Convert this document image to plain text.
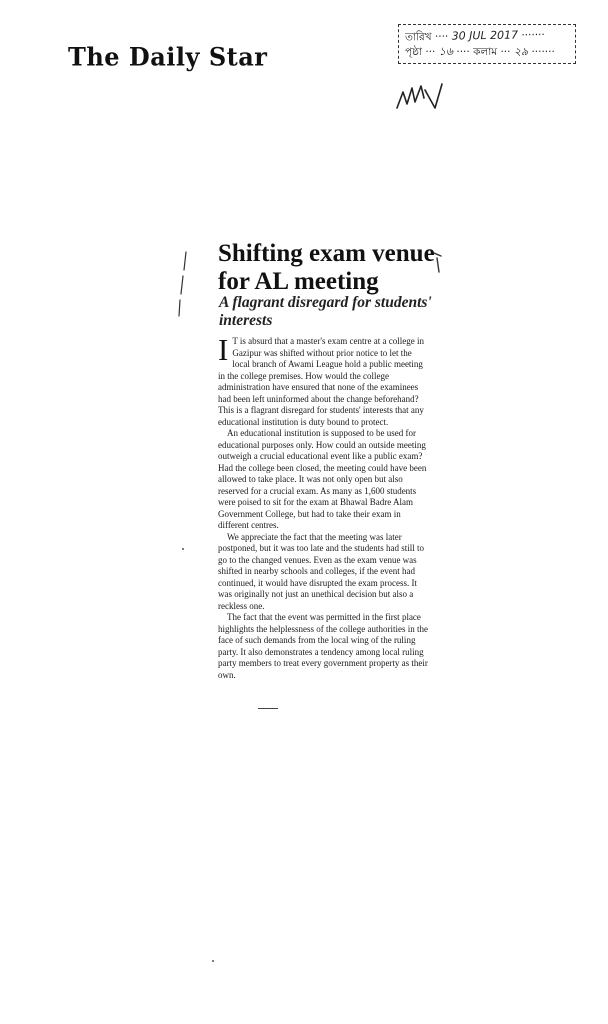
The Daily Star
তারিখ ···· 30 JUL 2017 ·······
পৃষ্ঠা ··· ১৬ ···· কলাম ··· ২৯ ·······
Shifting exam venue for AL meeting
A flagrant disregard for students' interests

I T is absurd that a master's exam centre at a college in Gazipur was shifted without prior notice to let the local branch of Awami League hold a public meeting in the college premises. How would the college administration have ensured that none of the examinees had been left uninformed about the change beforehand? This is a flagrant disregard for students' interests that any educational institution is duty bound to protect.

An educational institution is supposed to be used for educational purposes only. How could an outside meeting outweigh a crucial educational event like a public exam? Had the college been closed, the meeting could have been allowed to take place. It was not only open but also reserved for a crucial exam. As many as 1,600 students were poised to sit for the exam at Bhawal Badre Alam Government College, but had to take their exam in different centres.

We appreciate the fact that the meeting was later postponed, but it was too late and the students had still to go to the changed venues. Even as the exam venue was shifted in nearby schools and colleges, if the event had continued, it would have disrupted the exam process. It was originally not just an unethical decision but also a reckless one.

The fact that the event was permitted in the first place highlights the helplessness of the college authorities in the face of such demands from the local wing of the ruling party. It also demonstrates a tendency among local ruling party members to treat every government property as their own.
